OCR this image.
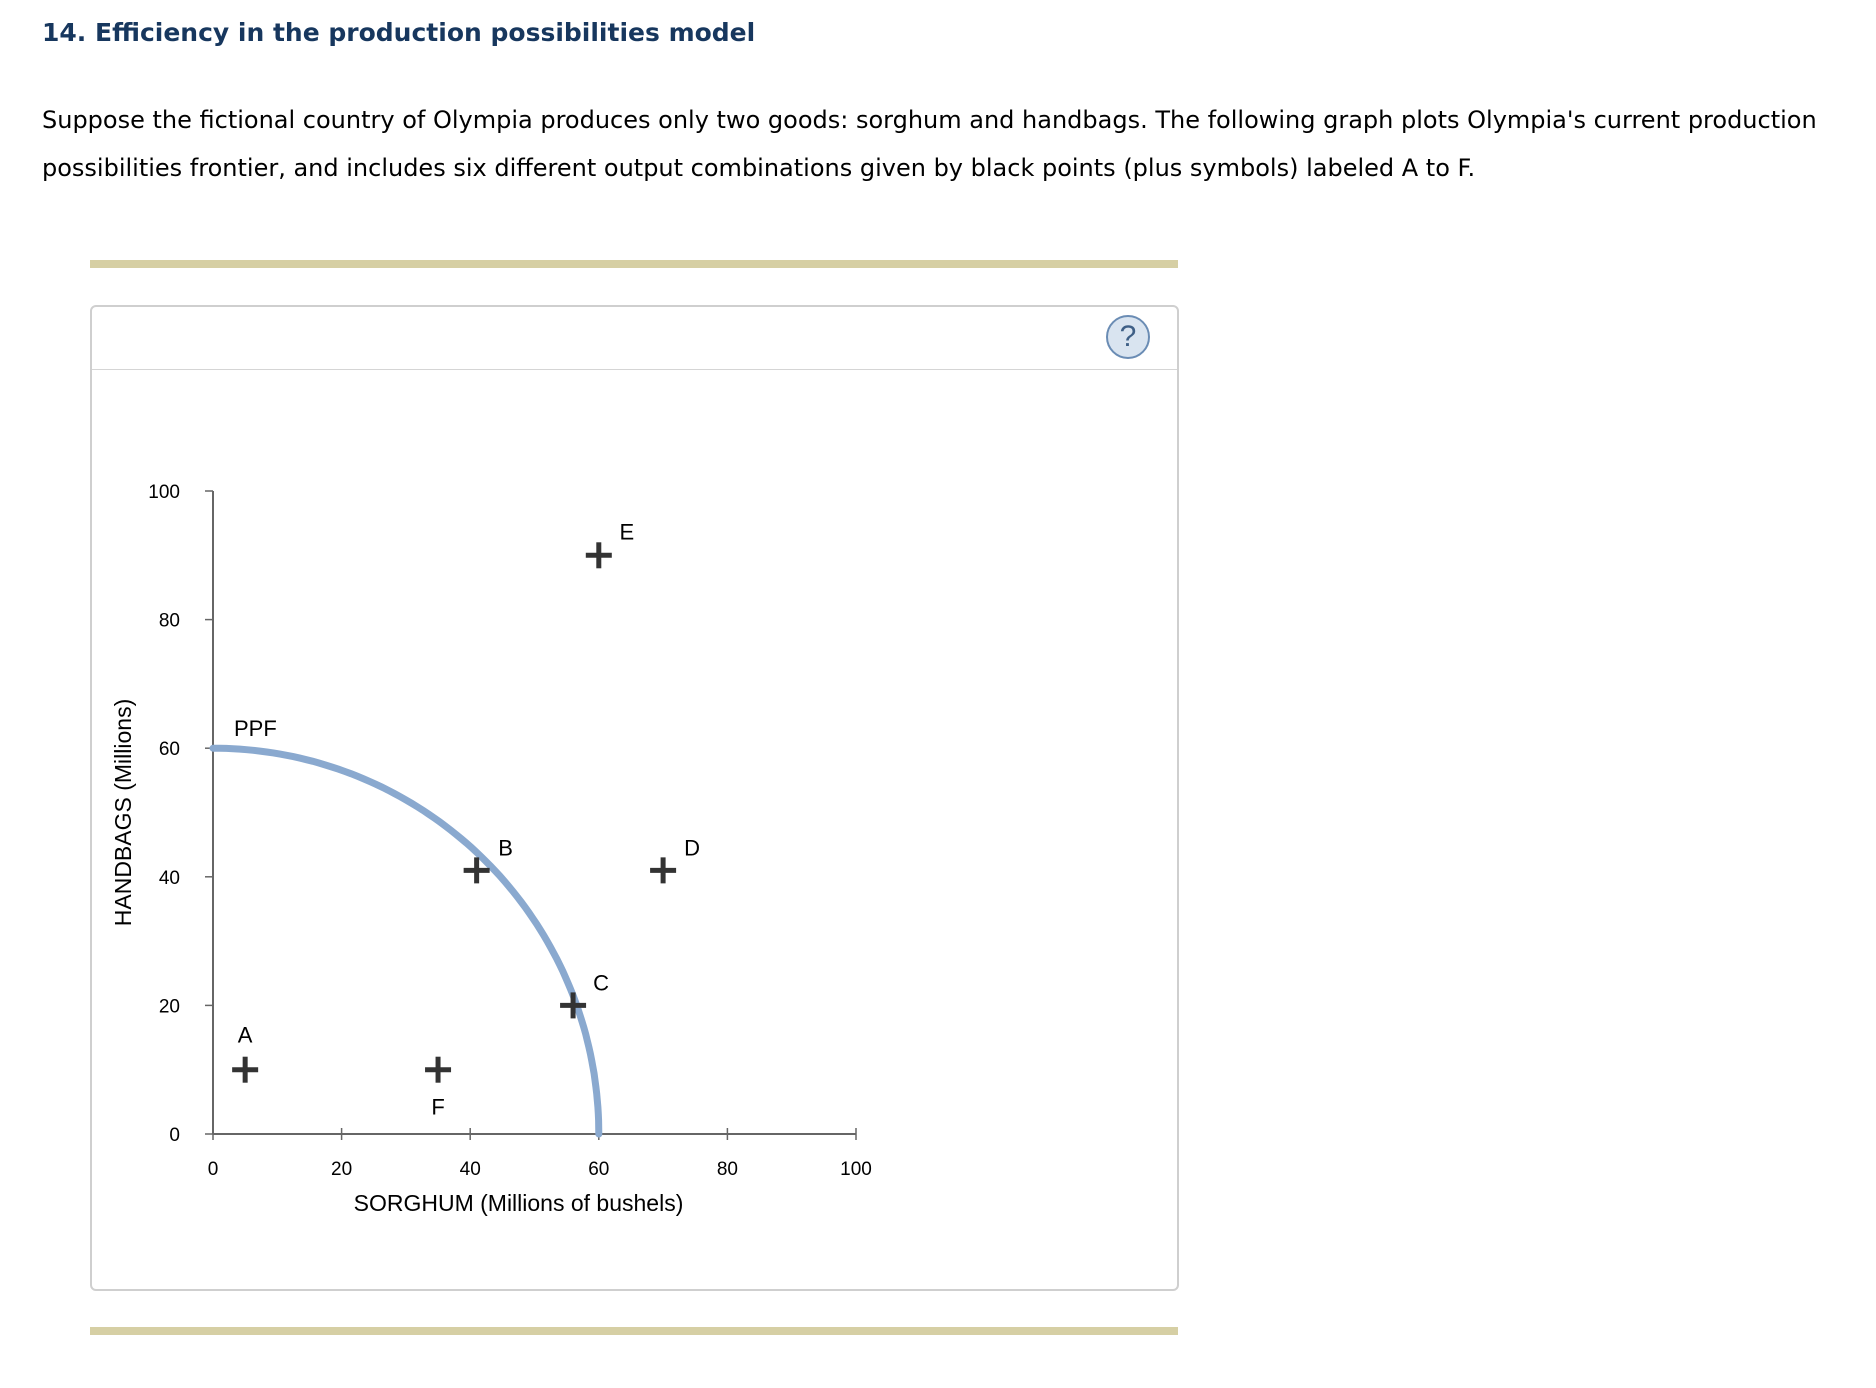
14. Efficiency in the production possibilities model

Suppose the fictional country of Olympia produces only two goods: sorghum and handbags. The following graph plots Olympia's current production possibilities frontier, and includes six different output combinations given by black points (plus symbols) labeled A to F.

?
0	20	40	60	80	100
0
20
40
60
80
100
PPF
A
B
C
D
E
F
SORGHUM (Millions of bushels)
HANDBAGS (Millions)
